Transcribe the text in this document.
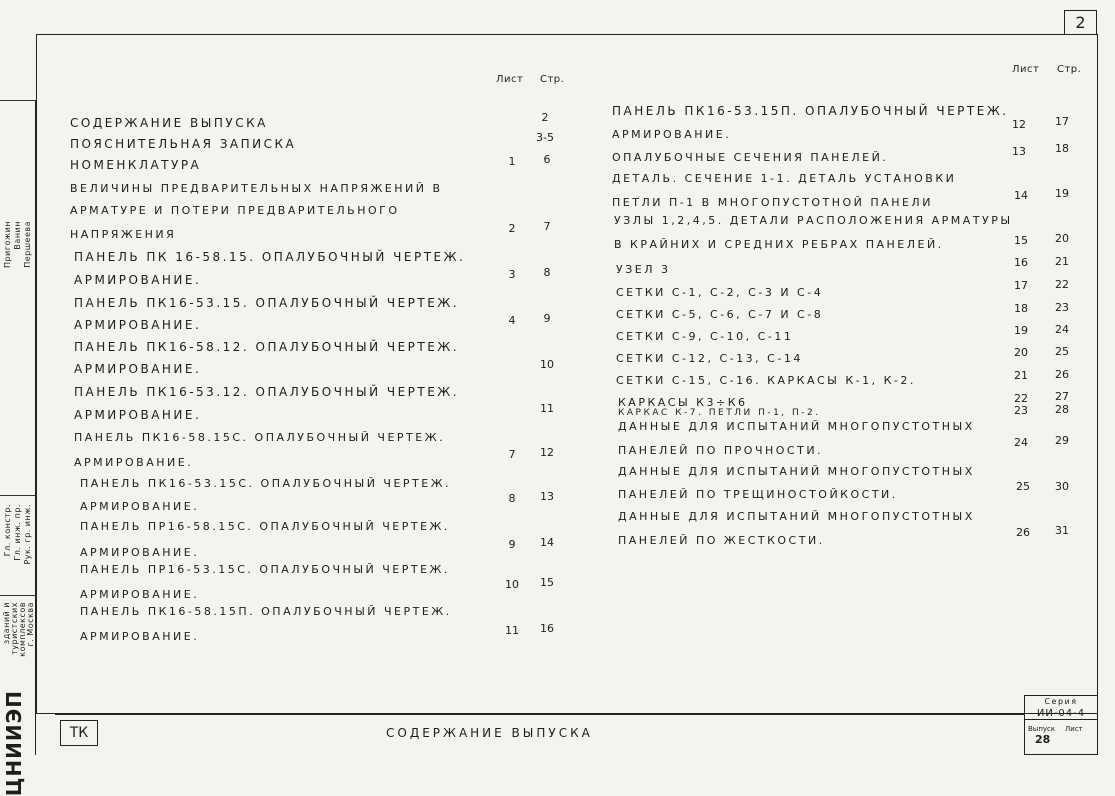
2
Пригожин Ванин Першеева
Гл. констр. Гл. инж. пр. Рук. гр. инж.
зданий и туристских комплексов г. Москва
ЦНИИЭП
Лист Стр.
Лист Стр.
СОДЕРЖАНИЕ ВЫПУСКА	2
ПОЯСНИТЕЛЬНАЯ ЗАПИСКА	3-5
НОМЕНКЛАТУРА	1	6
ВЕЛИЧИНЫ ПРЕДВАРИТЕЛЬНЫХ НАПРЯЖЕНИЙ В
АРМАТУРЕ И ПОТЕРИ ПРЕДВАРИТЕЛЬНОГО
НАПРЯЖЕНИЯ	2	7
ПАНЕЛЬ ПК 16-58.15. ОПАЛУБОЧНЫЙ ЧЕРТЕЖ.
АРМИРОВАНИЕ.	3	8
ПАНЕЛЬ ПК16-53.15. ОПАЛУБОЧНЫЙ ЧЕРТЕЖ.
АРМИРОВАНИЕ.	4	9
ПАНЕЛЬ ПК16-58.12. ОПАЛУБОЧНЫЙ ЧЕРТЕЖ.
АРМИРОВАНИЕ.	10
ПАНЕЛЬ ПК16-53.12. ОПАЛУБОЧНЫЙ ЧЕРТЕЖ.
АРМИРОВАНИЕ.	11
ПАНЕЛЬ ПК16-58.15С. ОПАЛУБОЧНЫЙ ЧЕРТЕЖ.
АРМИРОВАНИЕ.
7	12
ПАНЕЛЬ ПК16-53.15С. ОПАЛУБОЧНЫЙ ЧЕРТЕЖ.
АРМИРОВАНИЕ.
8	13
ПАНЕЛЬ ПР16-58.15С. ОПАЛУБОЧНЫЙ ЧЕРТЕЖ.
АРМИРОВАНИЕ.
9	14
ПАНЕЛЬ ПР16-53.15С. ОПАЛУБОЧНЫЙ ЧЕРТЕЖ.
АРМИРОВАНИЕ.
10	15
ПАНЕЛЬ ПК16-58.15П. ОПАЛУБОЧНЫЙ ЧЕРТЕЖ.
АРМИРОВАНИЕ.	11	16
ПАНЕЛЬ ПК16-53.15П. ОПАЛУБОЧНЫЙ ЧЕРТЕЖ.
АРМИРОВАНИЕ.
12	17
ОПАЛУБОЧНЫЕ СЕЧЕНИЯ ПАНЕЛЕЙ.	13	18
ДЕТАЛЬ. СЕЧЕНИЕ 1-1. ДЕТАЛЬ УСТАНОВКИ
ПЕТЛИ П-1 В МНОГОПУСТОТНОЙ ПАНЕЛИ
14	19
УЗЛЫ 1,2,4,5. ДЕТАЛИ РАСПОЛОЖЕНИЯ АРМАТУРЫ
В КРАЙНИХ И СРЕДНИХ РЕБРАХ ПАНЕЛЕЙ.	15	20
УЗЕЛ 3
16	21
СЕТКИ С-1, С-2, С-3 И С-4
17	22
СЕТКИ С-5, С-6, С-7 И С-8	18	23
СЕТКИ С-9, С-10, С-11	19	24
СЕТКИ С-12, С-13, С-14	20	25
СЕТКИ С-15, С-16. КАРКАСЫ К-1, К-2.	21	26
КАРКАСЫ К3÷К6	22	27
КАРКАС К-7. ПЕТЛИ П-1, П-2.	23	28
ДАННЫЕ ДЛЯ ИСПЫТАНИЙ МНОГОПУСТОТНЫХ
ПАНЕЛЕЙ ПО ПРОЧНОСТИ.
24	29
ДАННЫЕ ДЛЯ ИСПЫТАНИЙ МНОГОПУСТОТНЫХ
ПАНЕЛЕЙ ПО ТРЕЩИНОСТОЙКОСТИ.
25	30
ДАННЫЕ ДЛЯ ИСПЫТАНИЙ МНОГОПУСТОТНЫХ
ПАНЕЛЕЙ ПО ЖЕСТКОСТИ.
26	31
ТК	СОДЕРЖАНИЕ ВЫПУСКА
Серия
ИИ-04-4
Выпуск Лист
28
